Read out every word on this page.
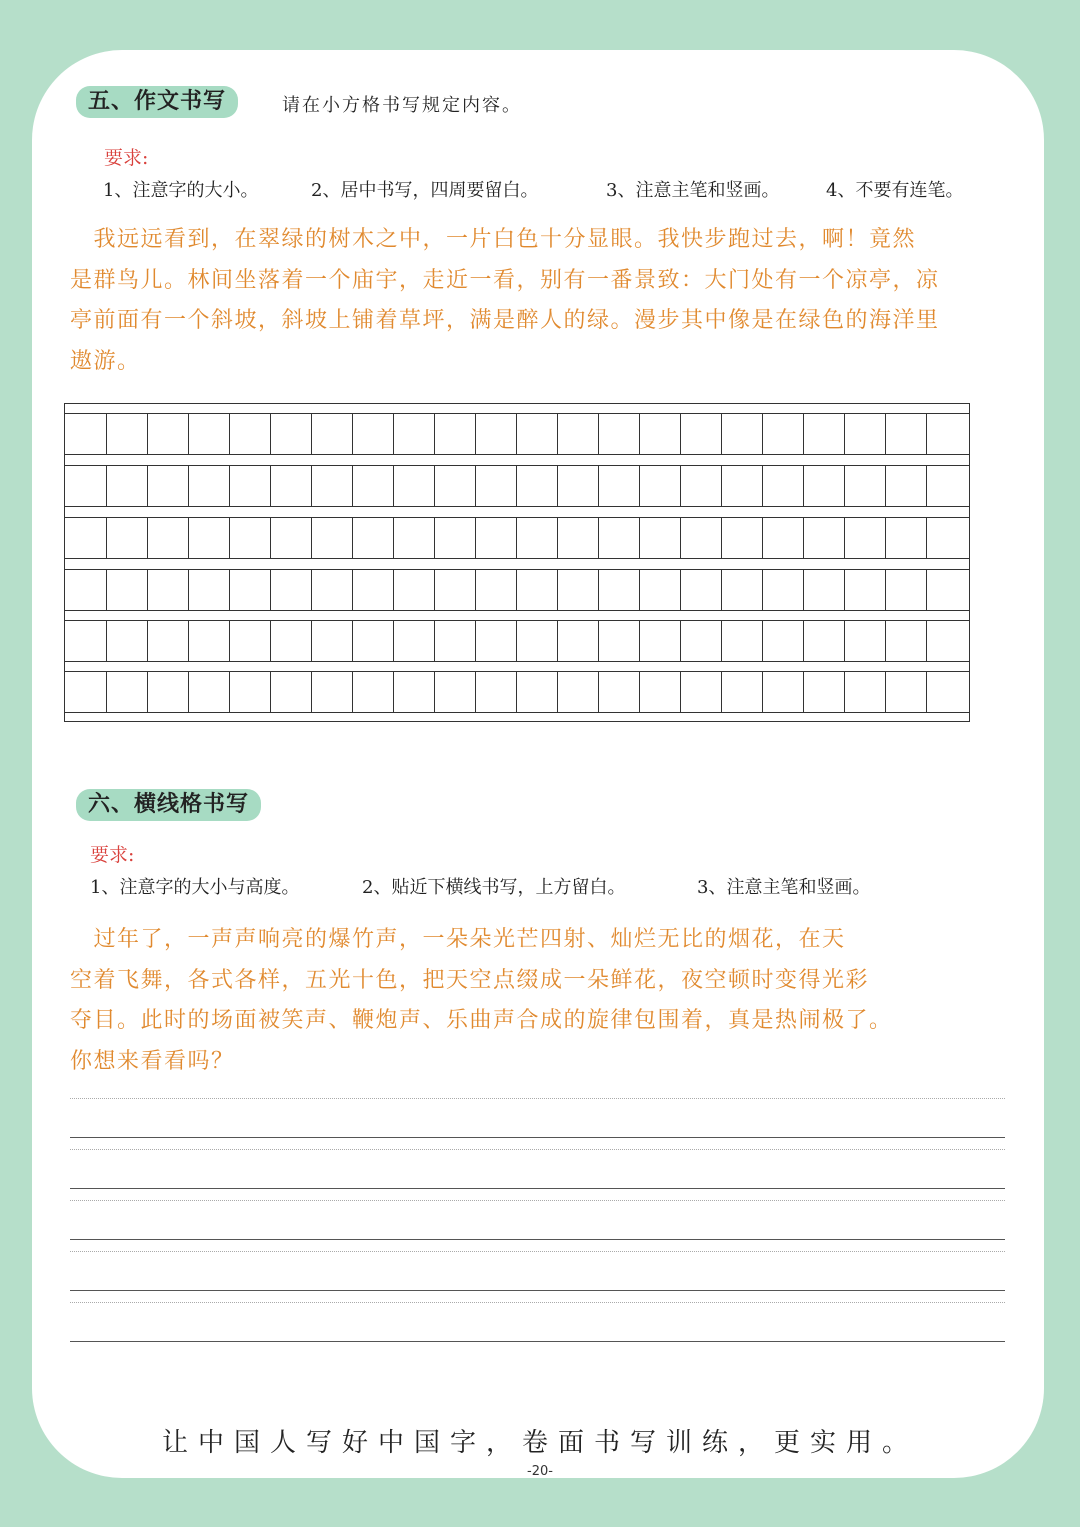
五、作文书写	请在小方格书写规定内容。
要求:
1、注意字的大小。	2、居中书写，四周要留白。	3、注意主笔和竖画。	4、不要有连笔。
　我远远看到，在翠绿的树木之中，一片白色十分显眼。我快步跑过去，啊！竟然
是群鸟儿。林间坐落着一个庙宇，走近一看，别有一番景致：大门处有一个凉亭，凉
亭前面有一个斜坡，斜坡上铺着草坪，满是醉人的绿。漫步其中像是在绿色的海洋里
遨游。
六、横线格书写
要求:
1、注意字的大小与高度。	2、贴近下横线书写，上方留白。	3、注意主笔和竖画。
　过年了，一声声响亮的爆竹声，一朵朵光芒四射、灿烂无比的烟花，在天
空着飞舞，各式各样，五光十色，把天空点缀成一朵鲜花，夜空顿时变得光彩
夺目。此时的场面被笑声、鞭炮声、乐曲声合成的旋律包围着，真是热闹极了。
你想来看看吗？
让中国人写好中国字，卷面书写训练，更实用。
-20-
